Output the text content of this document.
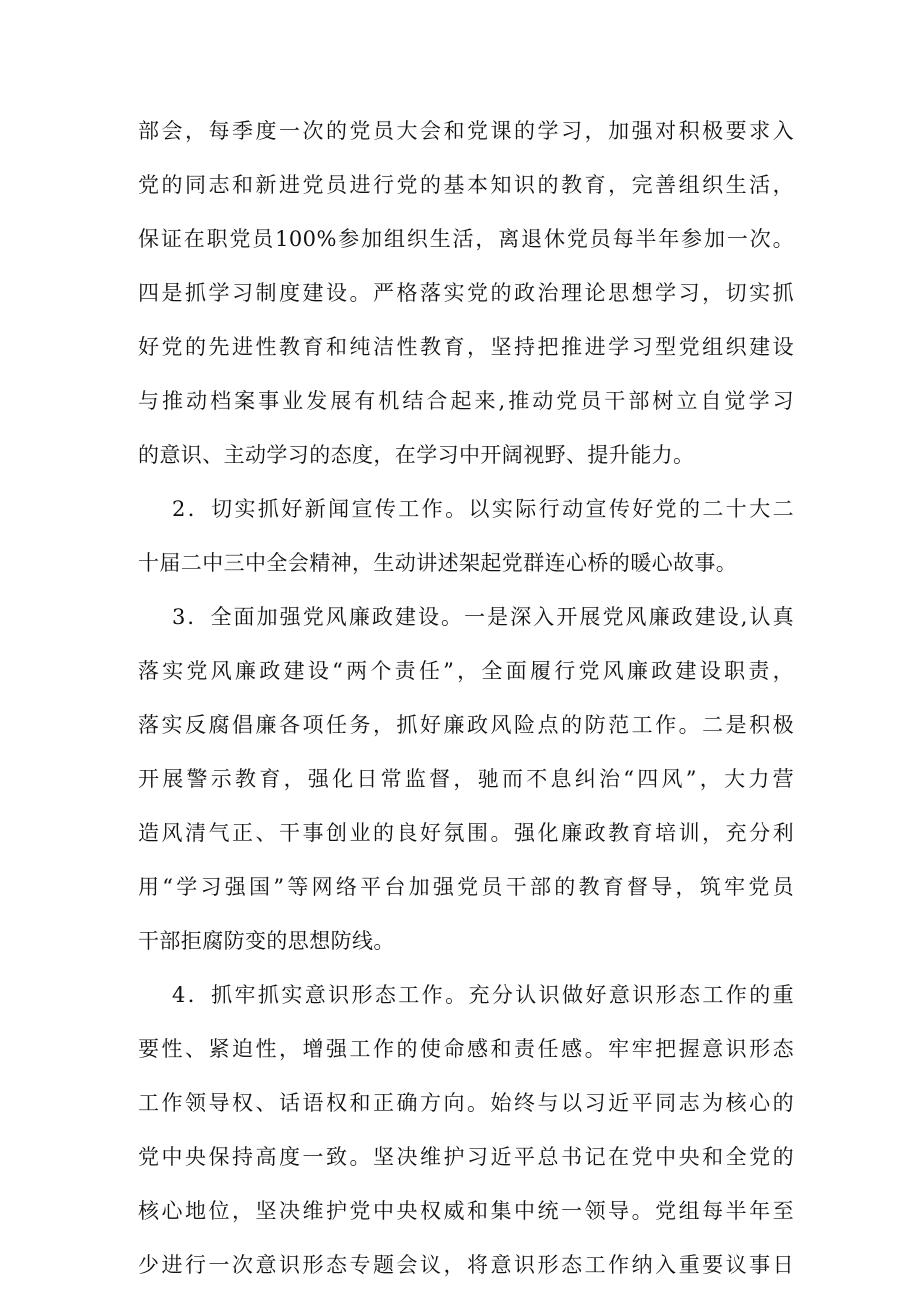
部会，每季度一次的党员大会和党课的学习，加强对积极要求入
党的同志和新进党员进行党的基本知识的教育，完善组织生活，
保证在职党员100%参加组织生活，离退休党员每半年参加一次。
四是抓学习制度建设。严格落实党的政治理论思想学习，切实抓
好党的先进性教育和纯洁性教育，坚持把推进学习型党组织建设
与推动档案事业发展有机结合起来,推动党员干部树立自觉学习
的意识、主动学习的态度，在学习中开阔视野、提升能力。
2．切实抓好新闻宣传工作。以实际行动宣传好党的二十大二
十届二中三中全会精神，生动讲述架起党群连心桥的暖心故事。
3．全面加强党风廉政建设。一是深入开展党风廉政建设,认真
落实党风廉政建设“两个责任”，全面履行党风廉政建设职责，
落实反腐倡廉各项任务，抓好廉政风险点的防范工作。二是积极
开展警示教育，强化日常监督，驰而不息纠治“四风”，大力营
造风清气正、干事创业的良好氛围。强化廉政教育培训，充分利
用“学习强国”等网络平台加强党员干部的教育督导，筑牢党员
干部拒腐防变的思想防线。
4．抓牢抓实意识形态工作。充分认识做好意识形态工作的重
要性、紧迫性，增强工作的使命感和责任感。牢牢把握意识形态
工作领导权、话语权和正确方向。始终与以习近平同志为核心的
党中央保持高度一致。坚决维护习近平总书记在党中央和全党的
核心地位，坚决维护党中央权威和集中统一领导。党组每半年至
少进行一次意识形态专题会议，将意识形态工作纳入重要议事日
